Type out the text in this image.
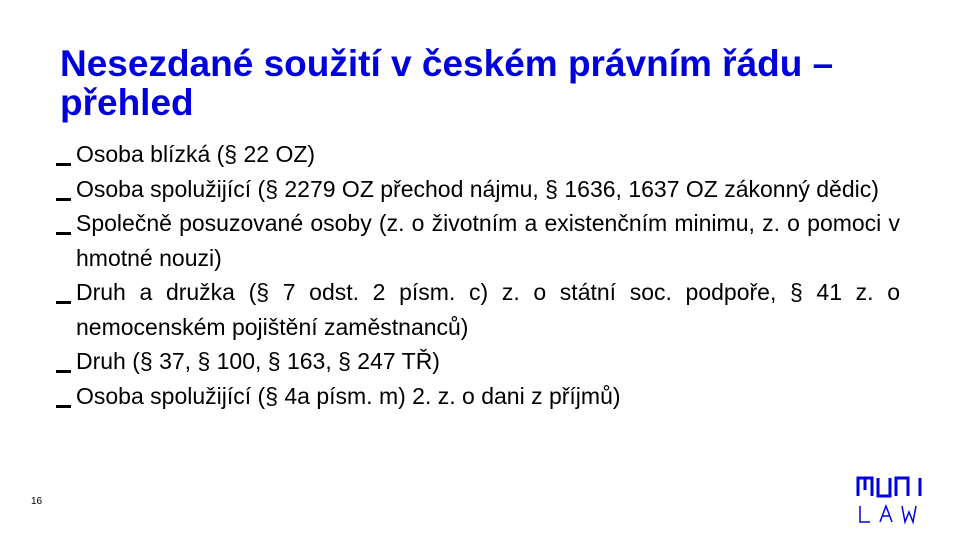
Nesezdané soužití v českém právním řádu – přehled
Osoba blízká (§ 22 OZ)
Osoba spolužijící (§ 2279 OZ přechod nájmu, § 1636, 1637 OZ zákonný dědic)
Společně posuzované osoby (z. o životním a existenčním minimu, z. o pomoci v hmotné nouzi)
Druh a družka (§ 7 odst. 2 písm. c) z. o státní soc. podpoře, § 41 z. o nemocenském pojištění zaměstnanců)
Druh (§ 37, § 100, § 163, § 247 TŘ)
Osoba spolužijící (§ 4a písm. m) 2. z. o dani z příjmů)
16
